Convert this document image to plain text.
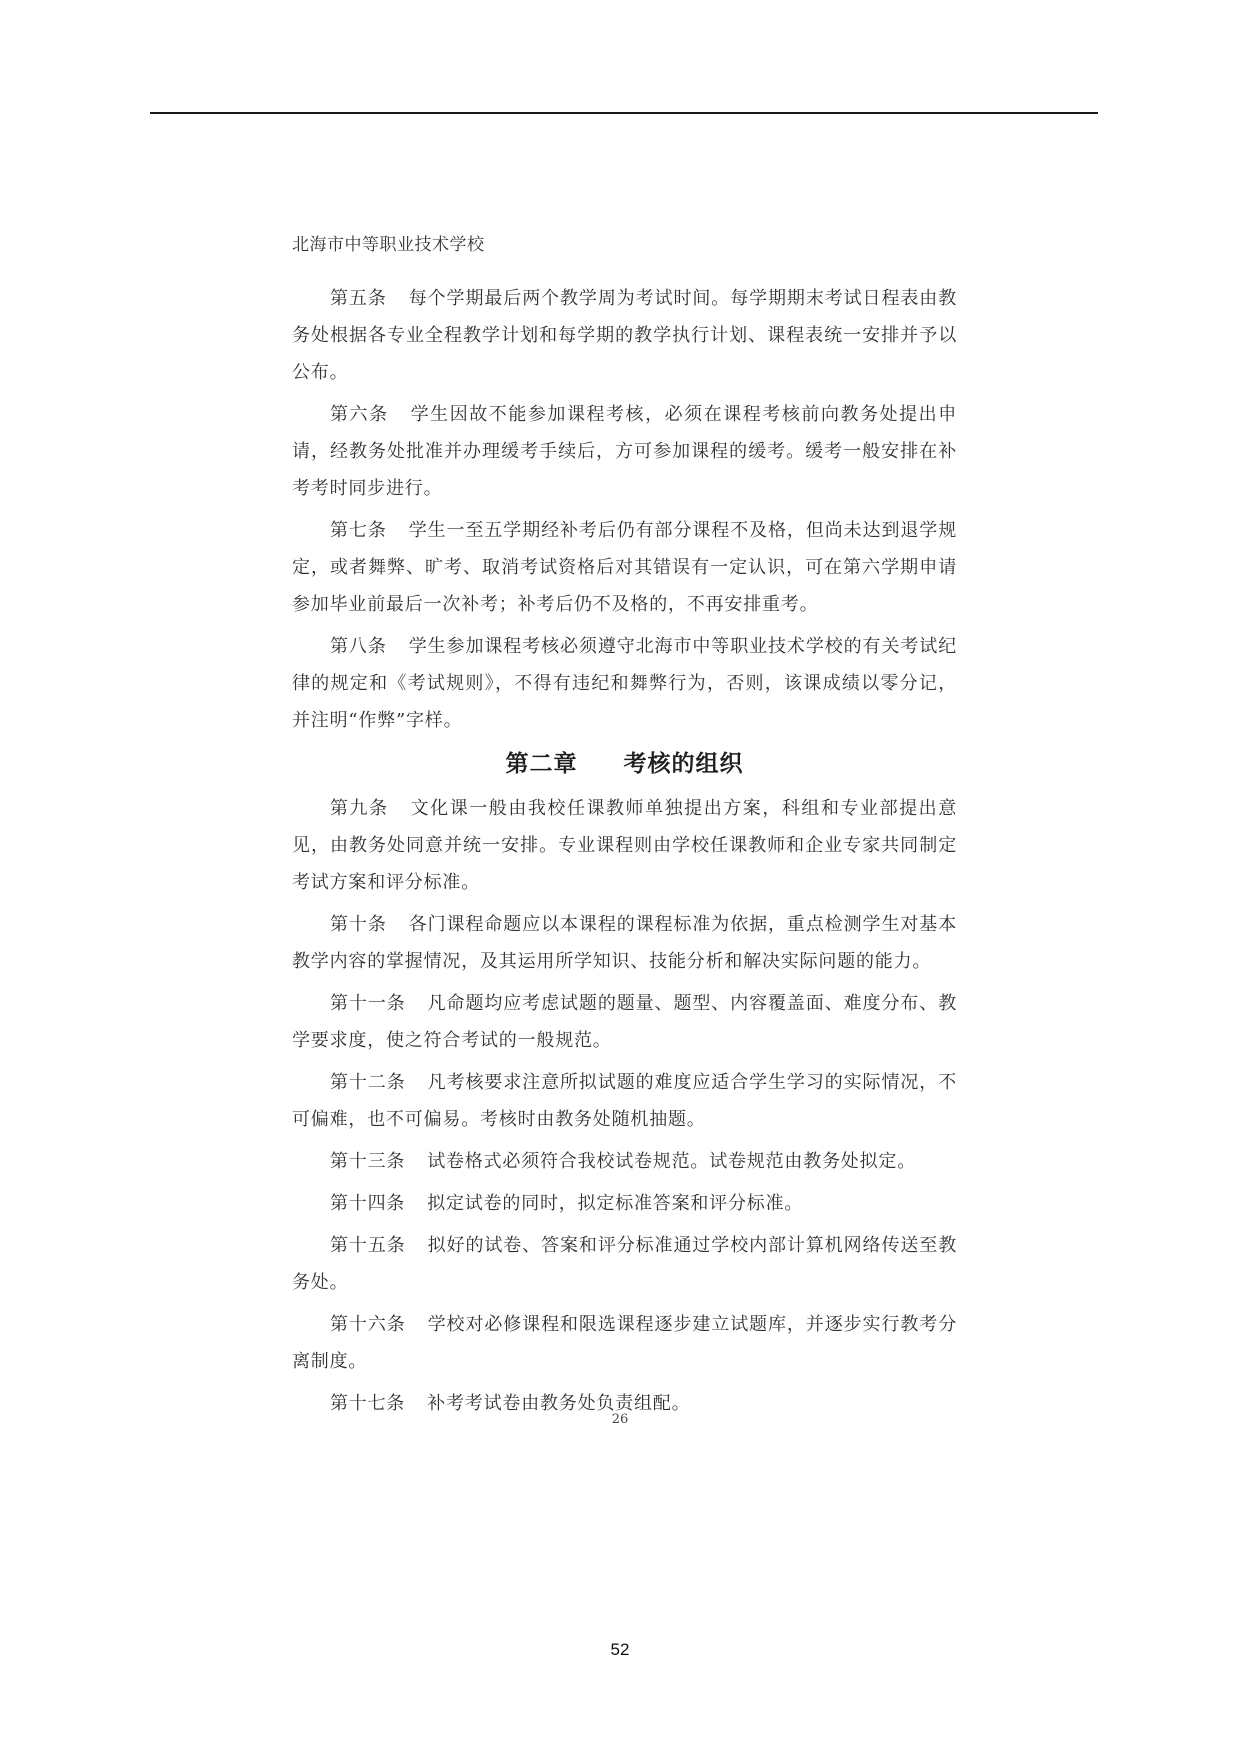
北海市中等职业技术学校

第五条 每个学期最后两个教学周为考试时间。每学期期末考试日程表由教务处根据各专业全程教学计划和每学期的教学执行计划、课程表统一安排并予以公布。

第六条 学生因故不能参加课程考核，必须在课程考核前向教务处提出申请，经教务处批准并办理缓考手续后，方可参加课程的缓考。缓考一般安排在补考考时同步进行。

第七条 学生一至五学期经补考后仍有部分课程不及格，但尚未达到退学规定，或者舞弊、旷考、取消考试资格后对其错误有一定认识，可在第六学期申请参加毕业前最后一次补考；补考后仍不及格的，不再安排重考。

第八条 学生参加课程考核必须遵守北海市中等职业技术学校的有关考试纪律的规定和《考试规则》，不得有违纪和舞弊行为，否则，该课成绩以零分记，并注明“作弊”字样。

第二章 考核的组织

第九条 文化课一般由我校任课教师单独提出方案，科组和专业部提出意见，由教务处同意并统一安排。专业课程则由学校任课教师和企业专家共同制定考试方案和评分标准。

第十条 各门课程命题应以本课程的课程标准为依据，重点检测学生对基本教学内容的掌握情况，及其运用所学知识、技能分析和解决实际问题的能力。

第十一条 凡命题均应考虑试题的题量、题型、内容覆盖面、难度分布、教学要求度，使之符合考试的一般规范。

第十二条 凡考核要求注意所拟试题的难度应适合学生学习的实际情况，不可偏难，也不可偏易。考核时由教务处随机抽题。

第十三条 试卷格式必须符合我校试卷规范。试卷规范由教务处拟定。

第十四条 拟定试卷的同时，拟定标准答案和评分标准。

第十五条 拟好的试卷、答案和评分标准通过学校内部计算机网络传送至教务处。

第十六条 学校对必修课程和限选课程逐步建立试题库，并逐步实行教考分离制度。

第十七条 补考考试卷由教务处负责组配。

26
52
